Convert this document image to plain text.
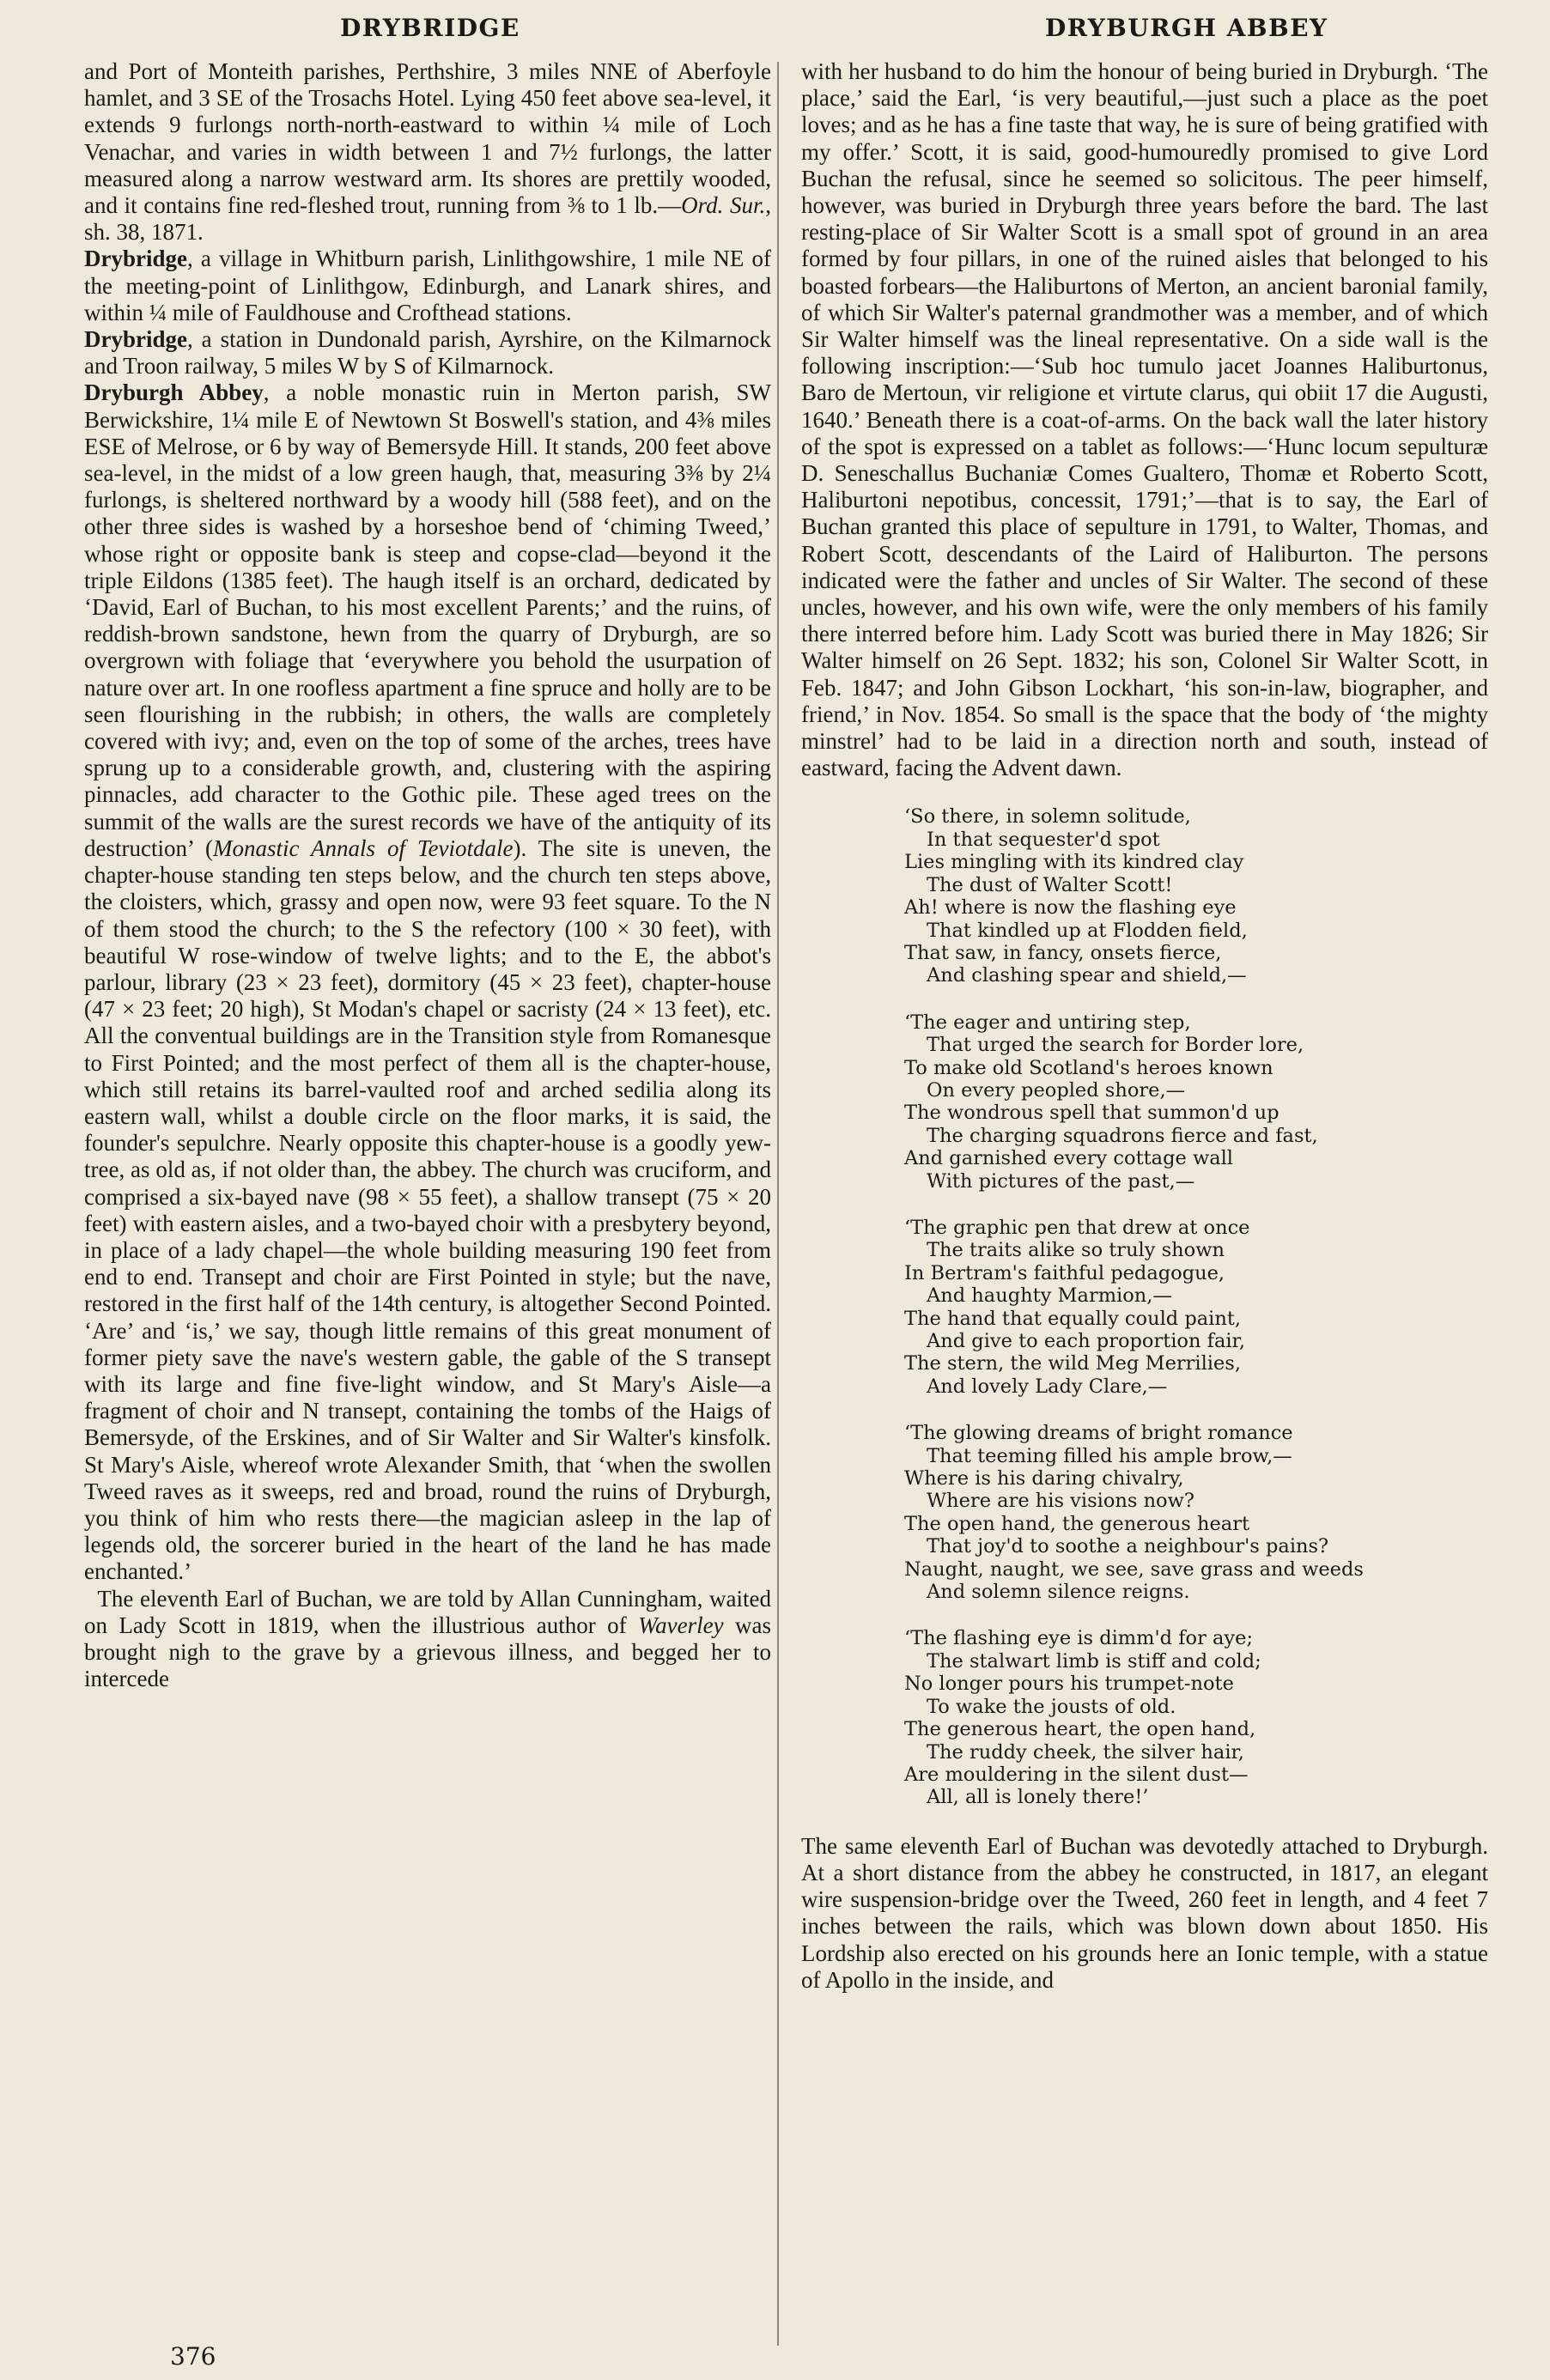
DRYBRIDGE	DRYBURGH ABBEY

and Port of Monteith parishes, Perthshire, 3 miles NNE of Aberfoyle hamlet, and 3 SE of the Trosachs Hotel. Lying 450 feet above sea-level, it extends 9 furlongs north-north-eastward to within ¼ mile of Loch Venachar, and varies in width between 1 and 7½ furlongs, the latter measured along a narrow westward arm. Its shores are prettily wooded, and it contains fine red-fleshed trout, running from ⅜ to 1 lb.—Ord. Sur., sh. 38, 1871.

Drybridge, a village in Whitburn parish, Linlithgowshire, 1 mile NE of the meeting-point of Linlithgow, Edinburgh, and Lanark shires, and within ¼ mile of Fauldhouse and Crofthead stations.

Drybridge, a station in Dundonald parish, Ayrshire, on the Kilmarnock and Troon railway, 5 miles W by S of Kilmarnock.

Dryburgh Abbey, a noble monastic ruin in Merton parish, SW Berwickshire, 1¼ mile E of Newtown St Boswell's station, and 4⅜ miles ESE of Melrose, or 6 by way of Bemersyde Hill. It stands, 200 feet above sea-level, in the midst of a low green haugh, that, measuring 3⅜ by 2¼ furlongs, is sheltered northward by a woody hill (588 feet), and on the other three sides is washed by a horseshoe bend of ‘chiming Tweed,’ whose right or opposite bank is steep and copse-clad—beyond it the triple Eildons (1385 feet). The haugh itself is an orchard, dedicated by ‘David, Earl of Buchan, to his most excellent Parents;’ and the ruins, of reddish-brown sandstone, hewn from the quarry of Dryburgh, are so overgrown with foliage that ‘everywhere you behold the usurpation of nature over art. In one roofless apartment a fine spruce and holly are to be seen flourishing in the rubbish; in others, the walls are completely covered with ivy; and, even on the top of some of the arches, trees have sprung up to a considerable growth, and, clustering with the aspiring pinnacles, add character to the Gothic pile. These aged trees on the summit of the walls are the surest records we have of the antiquity of its destruction’ (Monastic Annals of Teviotdale). The site is uneven, the chapter-house standing ten steps below, and the church ten steps above, the cloisters, which, grassy and open now, were 93 feet square. To the N of them stood the church; to the S the refectory (100 × 30 feet), with beautiful W rose-window of twelve lights; and to the E, the abbot's parlour, library (23 × 23 feet), dormitory (45 × 23 feet), chapter-house (47 × 23 feet; 20 high), St Modan's chapel or sacristy (24 × 13 feet), etc. All the conventual buildings are in the Transition style from Romanesque to First Pointed; and the most perfect of them all is the chapter-house, which still retains its barrel-vaulted roof and arched sedilia along its eastern wall, whilst a double circle on the floor marks, it is said, the founder's sepulchre. Nearly opposite this chapter-house is a goodly yew-tree, as old as, if not older than, the abbey. The church was cruciform, and comprised a six-bayed nave (98 × 55 feet), a shallow transept (75 × 20 feet) with eastern aisles, and a two-bayed choir with a presbytery beyond, in place of a lady chapel—the whole building measuring 190 feet from end to end. Transept and choir are First Pointed in style; but the nave, restored in the first half of the 14th century, is altogether Second Pointed. ‘Are’ and ‘is,’ we say, though little remains of this great monument of former piety save the nave's western gable, the gable of the S transept with its large and fine five-light window, and St Mary's Aisle—a fragment of choir and N transept, containing the tombs of the Haigs of Bemersyde, of the Erskines, and of Sir Walter and Sir Walter's kinsfolk. St Mary's Aisle, whereof wrote Alexander Smith, that ‘when the swollen Tweed raves as it sweeps, red and broad, round the ruins of Dryburgh, you think of him who rests there—the magician asleep in the lap of legends old, the sorcerer buried in the heart of the land he has made enchanted.’

The eleventh Earl of Buchan, we are told by Allan Cunningham, waited on Lady Scott in 1819, when the illustrious author of Waverley was brought nigh to the grave by a grievous illness, and begged her to intercede

with her husband to do him the honour of being buried in Dryburgh. ‘The place,’ said the Earl, ‘is very beautiful,—just such a place as the poet loves; and as he has a fine taste that way, he is sure of being gratified with my offer.’ Scott, it is said, good-humouredly promised to give Lord Buchan the refusal, since he seemed so solicitous. The peer himself, however, was buried in Dryburgh three years before the bard. The last resting-place of Sir Walter Scott is a small spot of ground in an area formed by four pillars, in one of the ruined aisles that belonged to his boasted forbears—the Haliburtons of Merton, an ancient baronial family, of which Sir Walter's paternal grandmother was a member, and of which Sir Walter himself was the lineal representative. On a side wall is the following inscription:—‘Sub hoc tumulo jacet Joannes Haliburtonus, Baro de Mertoun, vir religione et virtute clarus, qui obiit 17 die Augusti, 1640.’ Beneath there is a coat-of-arms. On the back wall the later history of the spot is expressed on a tablet as follows:—‘Hunc locum sepulturæ D. Seneschallus Buchaniæ Comes Gualtero, Thomæ et Roberto Scott, Haliburtoni nepotibus, concessit, 1791;’—that is to say, the Earl of Buchan granted this place of sepulture in 1791, to Walter, Thomas, and Robert Scott, descendants of the Laird of Haliburton. The persons indicated were the father and uncles of Sir Walter. The second of these uncles, however, and his own wife, were the only members of his family there interred before him. Lady Scott was buried there in May 1826; Sir Walter himself on 26 Sept. 1832; his son, Colonel Sir Walter Scott, in Feb. 1847; and John Gibson Lockhart, ‘his son-in-law, biographer, and friend,’ in Nov. 1854. So small is the space that the body of ‘the mighty minstrel’ had to be laid in a direction north and south, instead of eastward, facing the Advent dawn.

‘So there, in solemn solitude,
In that sequester'd spot
Lies mingling with its kindred clay
The dust of Walter Scott!
Ah! where is now the flashing eye
That kindled up at Flodden field,
That saw, in fancy, onsets fierce,
And clashing spear and shield,—
‘The eager and untiring step,
That urged the search for Border lore,
To make old Scotland's heroes known
On every peopled shore,—
The wondrous spell that summon'd up
The charging squadrons fierce and fast,
And garnished every cottage wall
With pictures of the past,—
‘The graphic pen that drew at once
The traits alike so truly shown
In Bertram's faithful pedagogue,
And haughty Marmion,—
The hand that equally could paint,
And give to each proportion fair,
The stern, the wild Meg Merrilies,
And lovely Lady Clare,—
‘The glowing dreams of bright romance
That teeming filled his ample brow,—
Where is his daring chivalry,
Where are his visions now?
The open hand, the generous heart
That joy'd to soothe a neighbour's pains?
Naught, naught, we see, save grass and weeds
And solemn silence reigns.
‘The flashing eye is dimm'd for aye;
The stalwart limb is stiff and cold;
No longer pours his trumpet-note
To wake the jousts of old.
The generous heart, the open hand,
The ruddy cheek, the silver hair,
Are mouldering in the silent dust—
All, all is lonely there!’

The same eleventh Earl of Buchan was devotedly attached to Dryburgh. At a short distance from the abbey he constructed, in 1817, an elegant wire suspension-bridge over the Tweed, 260 feet in length, and 4 feet 7 inches between the rails, which was blown down about 1850. His Lordship also erected on his grounds here an Ionic temple, with a statue of Apollo in the inside, and

376
